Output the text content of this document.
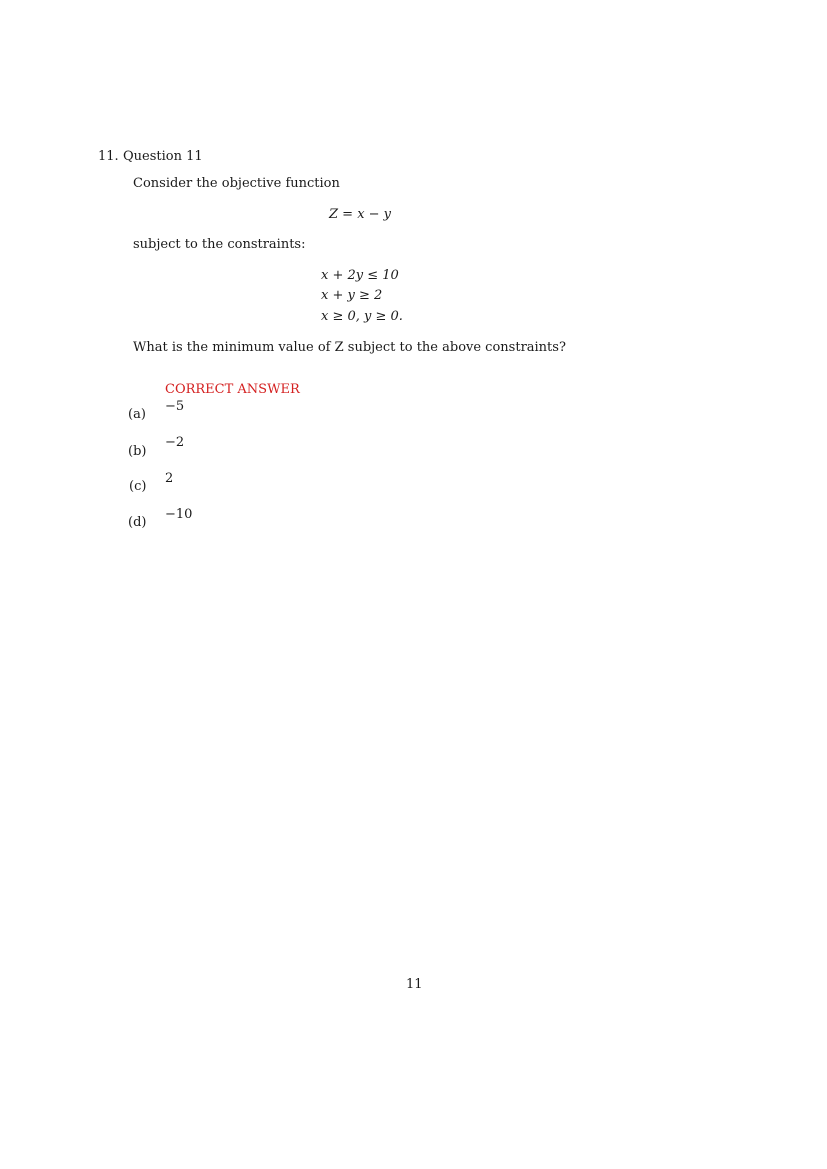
11. Question 11
Consider the objective function
Z = x − y
subject to the constraints:
x + 2y ≤ 10
x + y ≥ 2
x ≥ 0, y ≥ 0.
What is the minimum value of Z subject to the above constraints?
CORRECT ANSWER
(a)
−5
(b)
−2
(c)
2
(d)
−10
11
